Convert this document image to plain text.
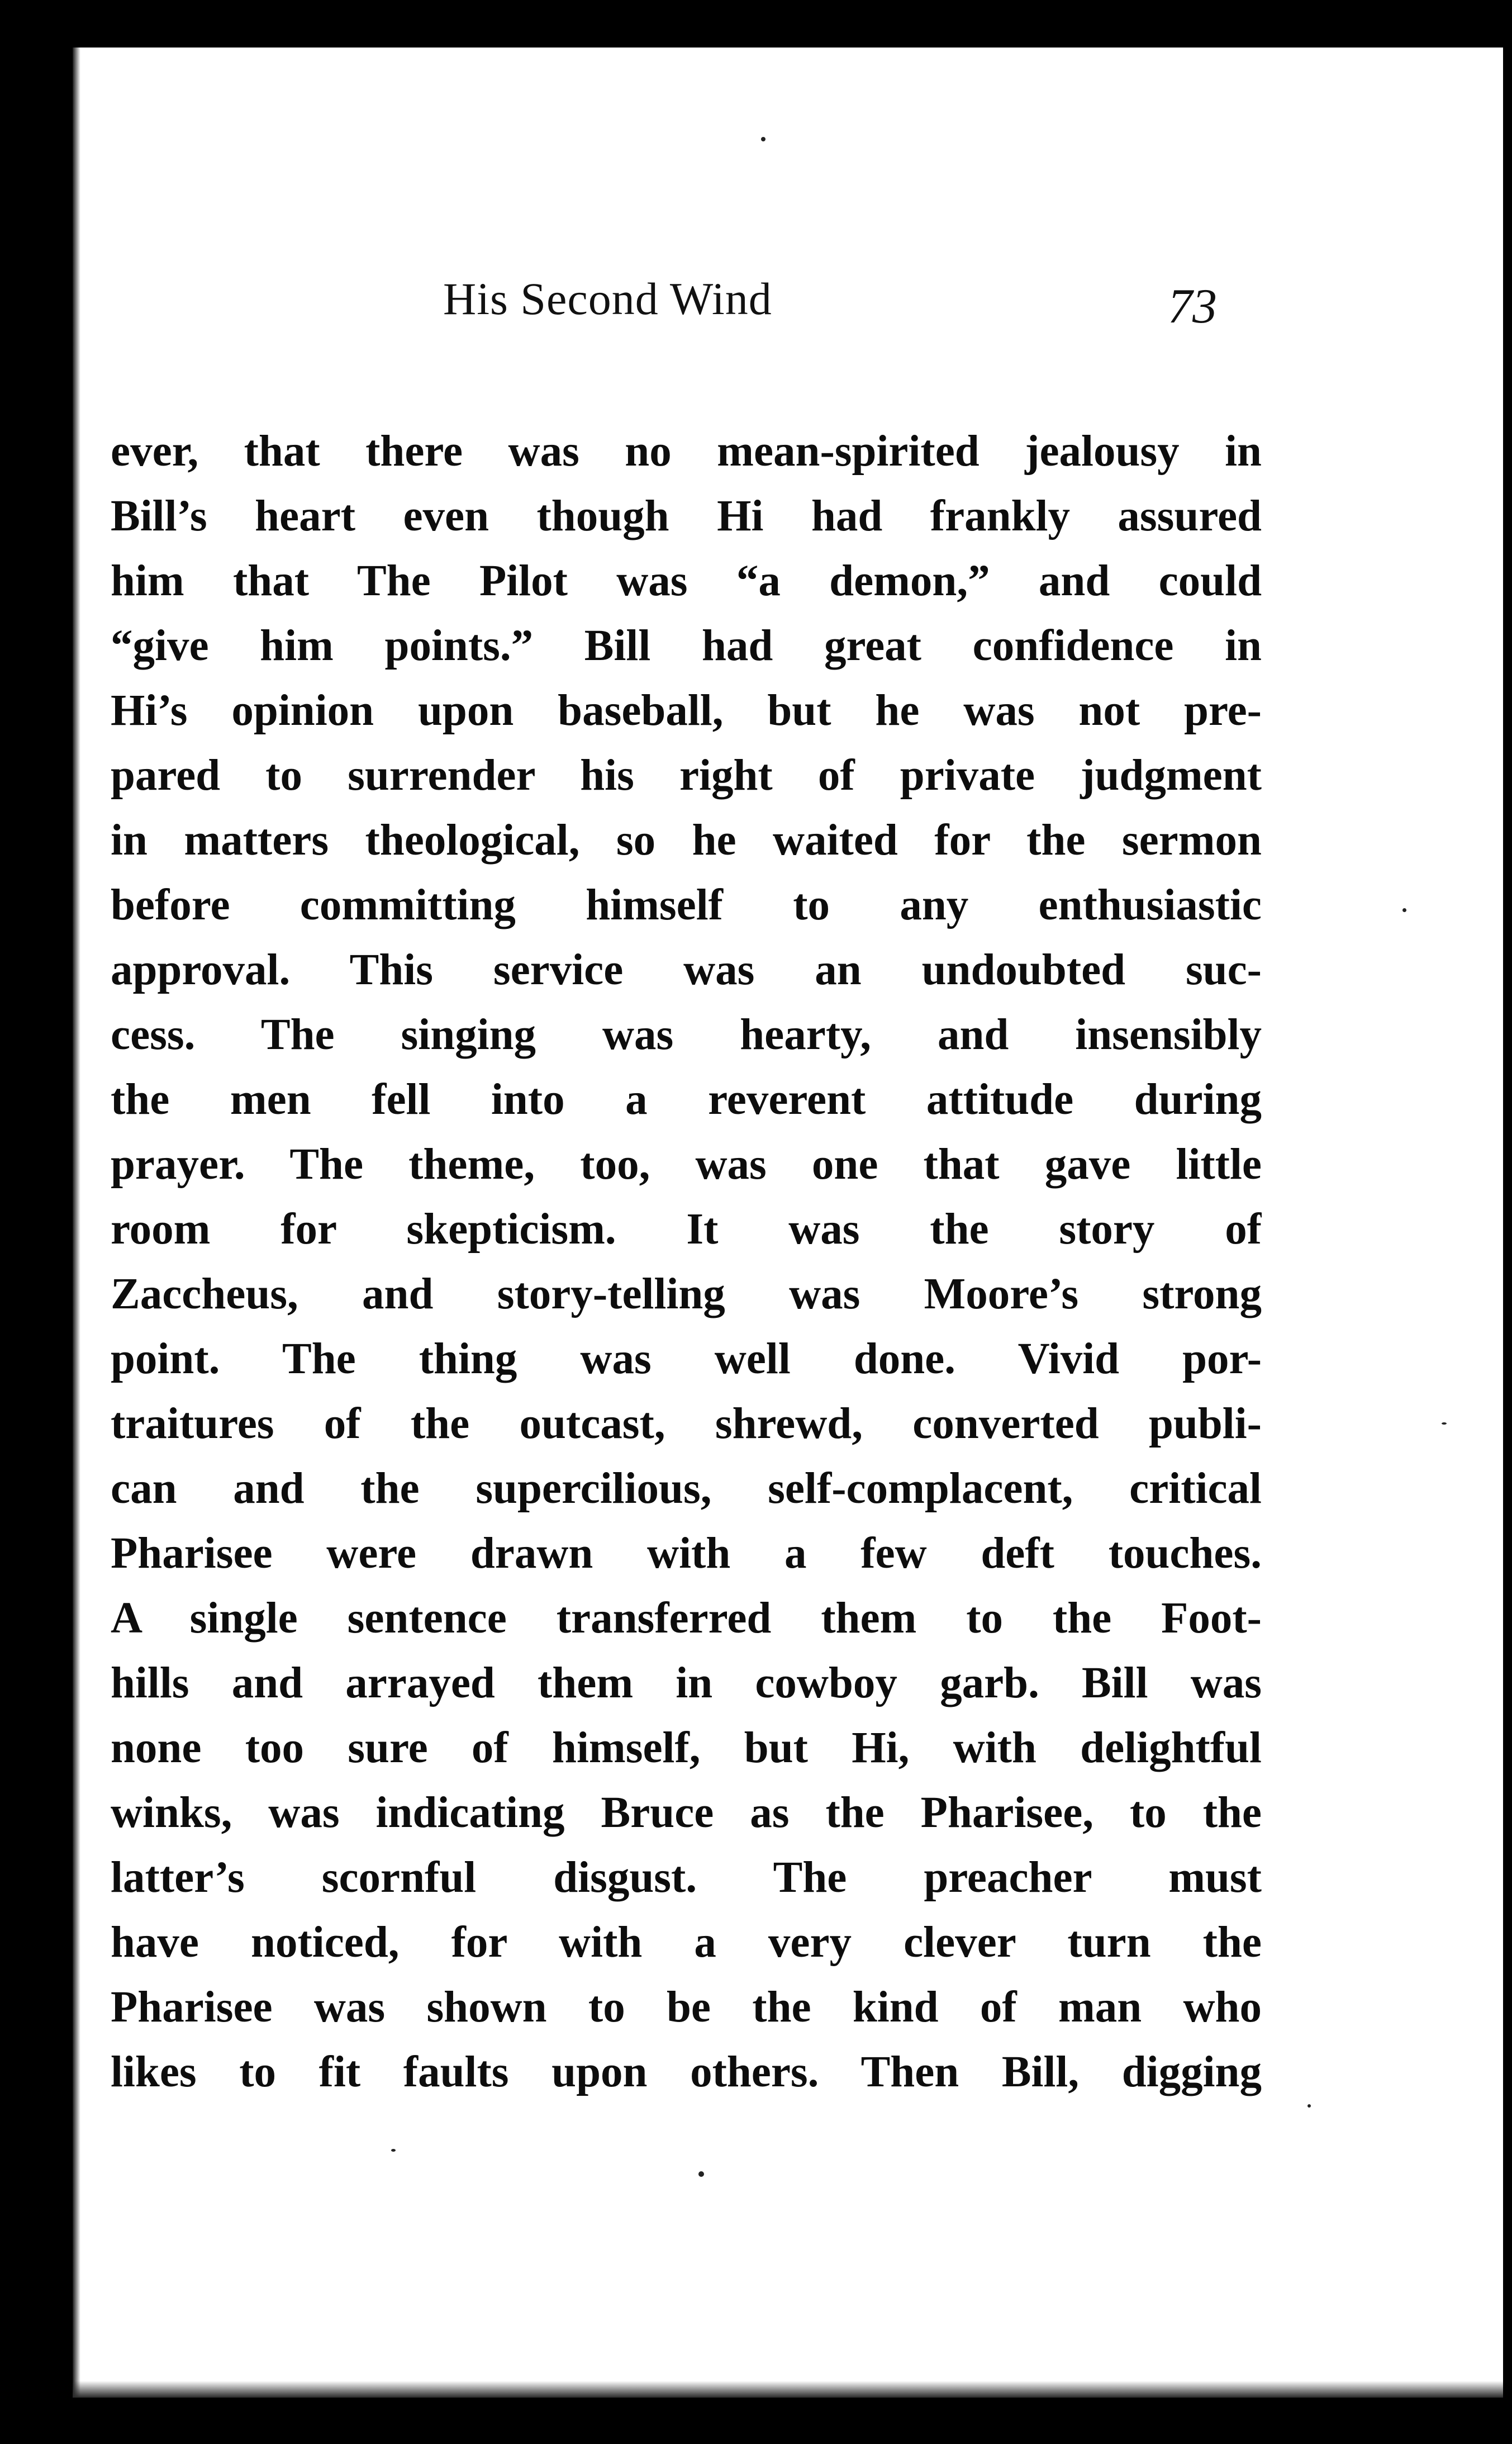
His Second Wind	73
ever, that there was no mean-spirited jealousy in
Bill’s heart even though Hi had frankly assured
him that The Pilot was “a demon,” and could
“give him points.” Bill had great confidence in
Hi’s opinion upon baseball, but he was not pre-
pared to surrender his right of private judgment
in matters theological, so he waited for the sermon
before committing himself to any enthusiastic
approval. This service was an undoubted suc-
cess. The singing was hearty, and insensibly
the men fell into a reverent attitude during
prayer. The theme, too, was one that gave little
room for skepticism. It was the story of
Zaccheus, and story-telling was Moore’s strong
point. The thing was well done. Vivid por-
traitures of the outcast, shrewd, converted publi-
can and the supercilious, self-complacent, critical
Pharisee were drawn with a few deft touches.
A single sentence transferred them to the Foot-
hills and arrayed them in cowboy garb. Bill was
none too sure of himself, but Hi, with delightful
winks, was indicating Bruce as the Pharisee, to the
latter’s scornful disgust. The preacher must
have noticed, for with a very clever turn the
Pharisee was shown to be the kind of man who
likes to fit faults upon others. Then Bill, digging
